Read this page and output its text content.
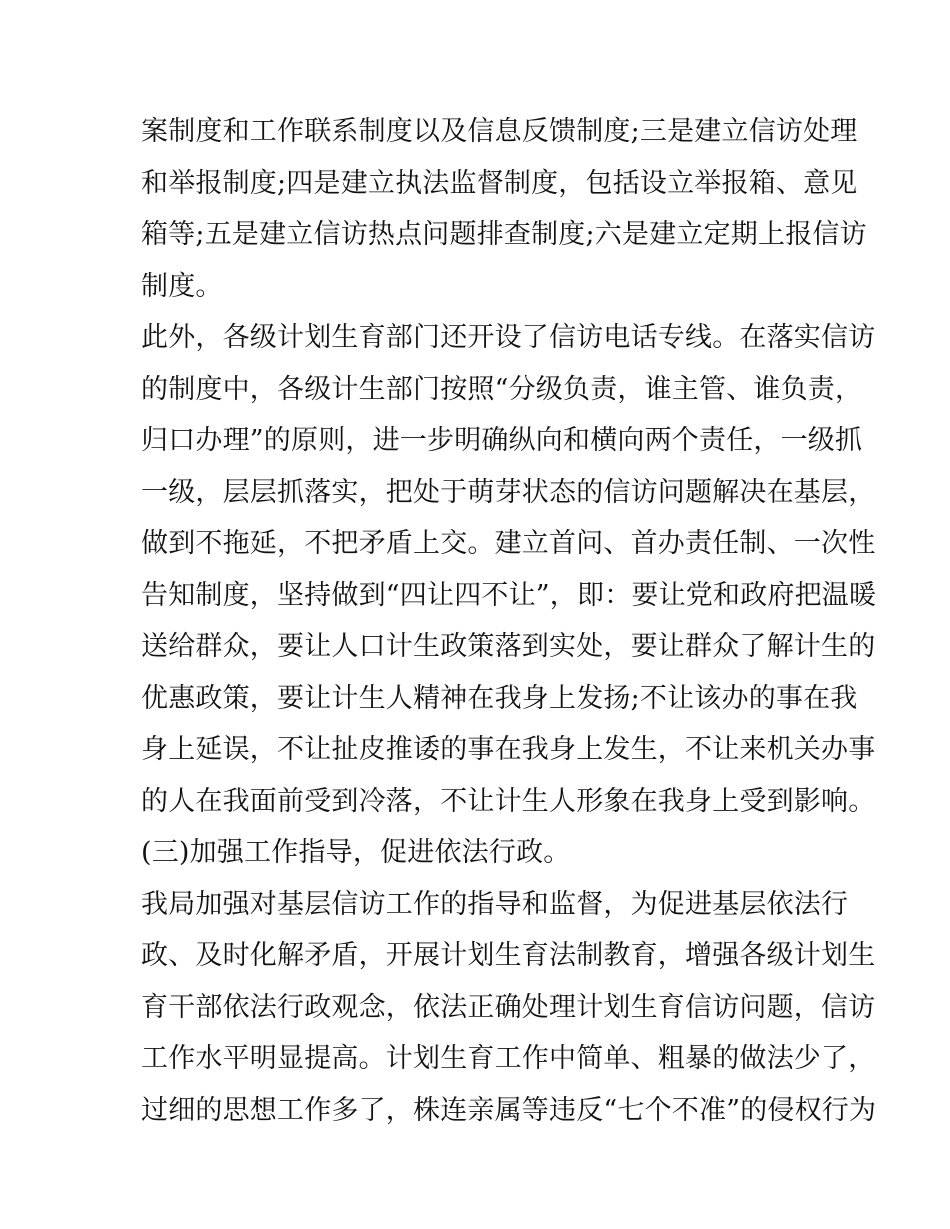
案制度和工作联系制度以及信息反馈制度;三是建立信访处理
和举报制度;四是建立执法监督制度，包括设立举报箱、意见
箱等;五是建立信访热点问题排查制度;六是建立定期上报信访
制度。
此外，各级计划生育部门还开设了信访电话专线。在落实信访
的制度中，各级计生部门按照“分级负责，谁主管、谁负责，
归口办理”的原则，进一步明确纵向和横向两个责任，一级抓
一级，层层抓落实，把处于萌芽状态的信访问题解决在基层，
做到不拖延，不把矛盾上交。建立首问、首办责任制、一次性
告知制度，坚持做到“四让四不让”，即：要让党和政府把温暖
送给群众，要让人口计生政策落到实处，要让群众了解计生的
优惠政策，要让计生人精神在我身上发扬;不让该办的事在我
身上延误，不让扯皮推诿的事在我身上发生，不让来机关办事
的人在我面前受到冷落，不让计生人形象在我身上受到影响。
(三)加强工作指导，促进依法行政。
我局加强对基层信访工作的指导和监督，为促进基层依法行
政、及时化解矛盾，开展计划生育法制教育，增强各级计划生
育干部依法行政观念，依法正确处理计划生育信访问题，信访
工作水平明显提高。计划生育工作中简单、粗暴的做法少了，
过细的思想工作多了，株连亲属等违反“七个不准”的侵权行为
